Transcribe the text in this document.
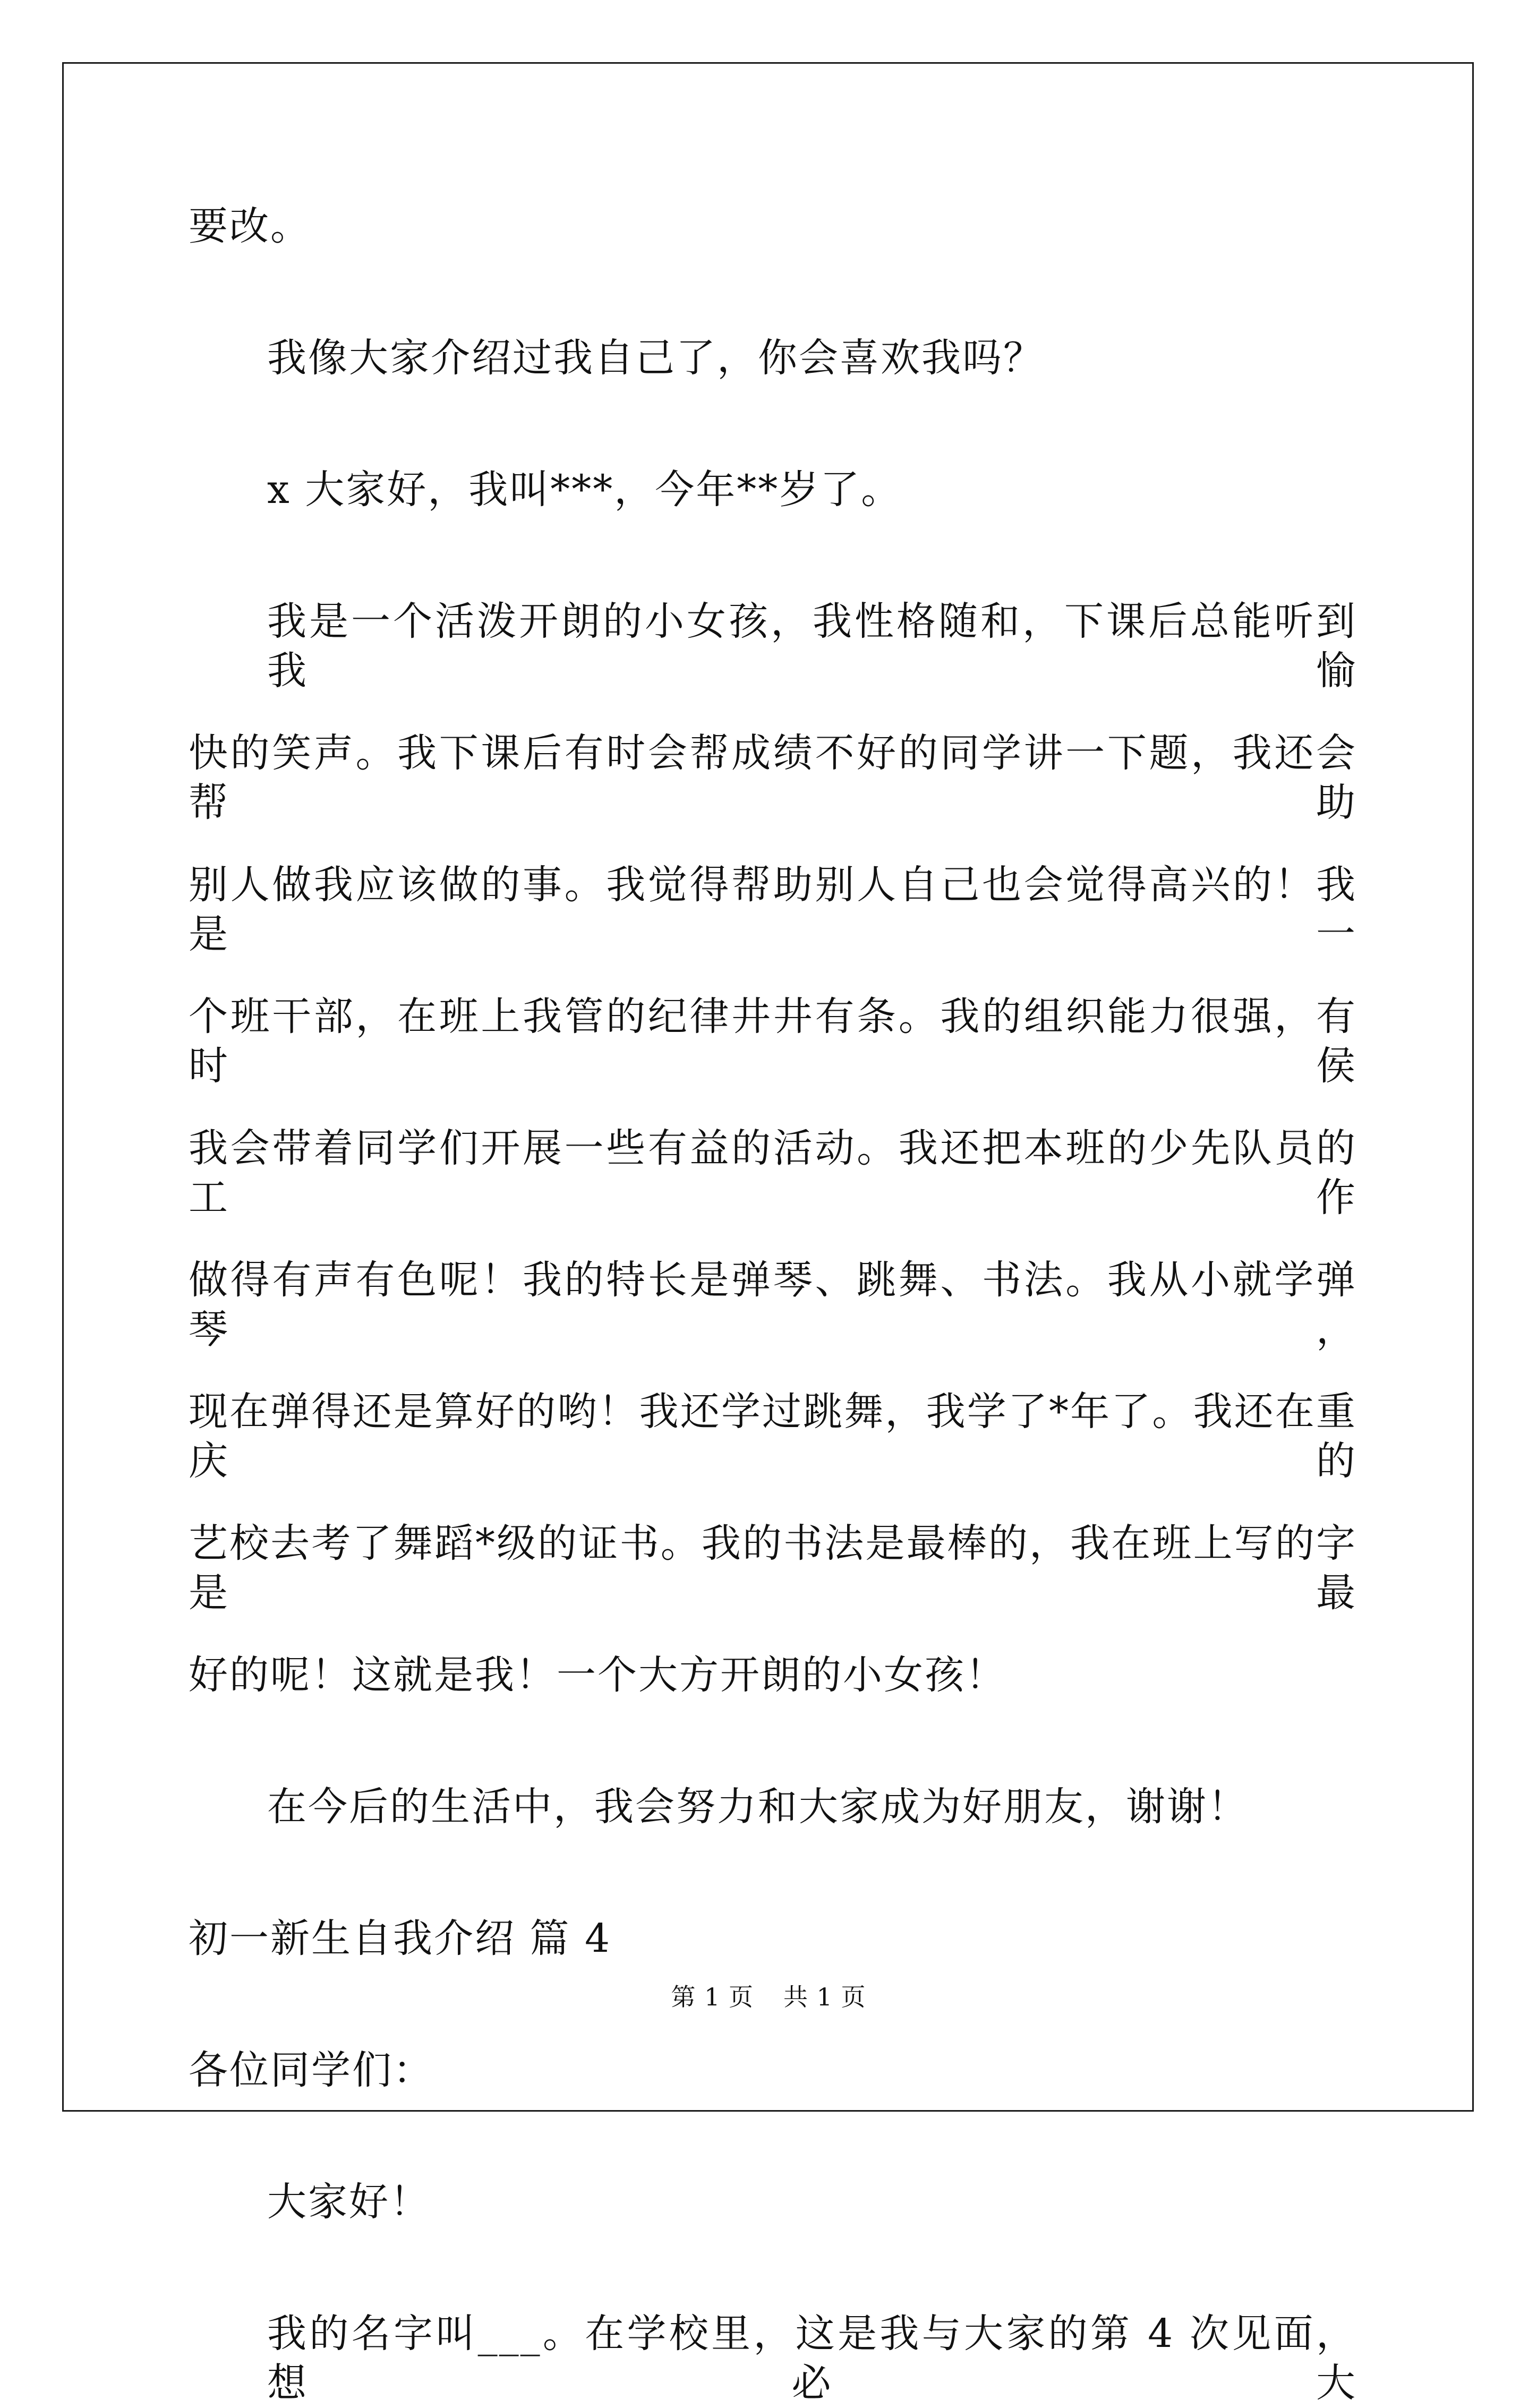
要改。
我像大家介绍过我自己了，你会喜欢我吗？
x 大家好，我叫***，今年**岁了。
我是一个活泼开朗的小女孩，我性格随和，下课后总能听到我愉
快的笑声。我下课后有时会帮成绩不好的同学讲一下题，我还会帮助
别人做我应该做的事。我觉得帮助别人自己也会觉得高兴的！我是一
个班干部，在班上我管的纪律井井有条。我的组织能力很强，有时侯
我会带着同学们开展一些有益的活动。我还把本班的少先队员的工作
做得有声有色呢！我的特长是弹琴、跳舞、书法。我从小就学弹琴，
现在弹得还是算好的哟！我还学过跳舞，我学了*年了。我还在重庆的
艺校去考了舞蹈*级的证书。我的书法是最棒的，我在班上写的字是最
好的呢！这就是我！一个大方开朗的小女孩！
在今后的生活中，我会努力和大家成为好朋友，谢谢！
初一新生自我介绍 篇 4
各位同学们：
大家好！
我的名字叫___。在学校里，这是我与大家的第 4 次见面，想必大
第 1 页 共 1 页
